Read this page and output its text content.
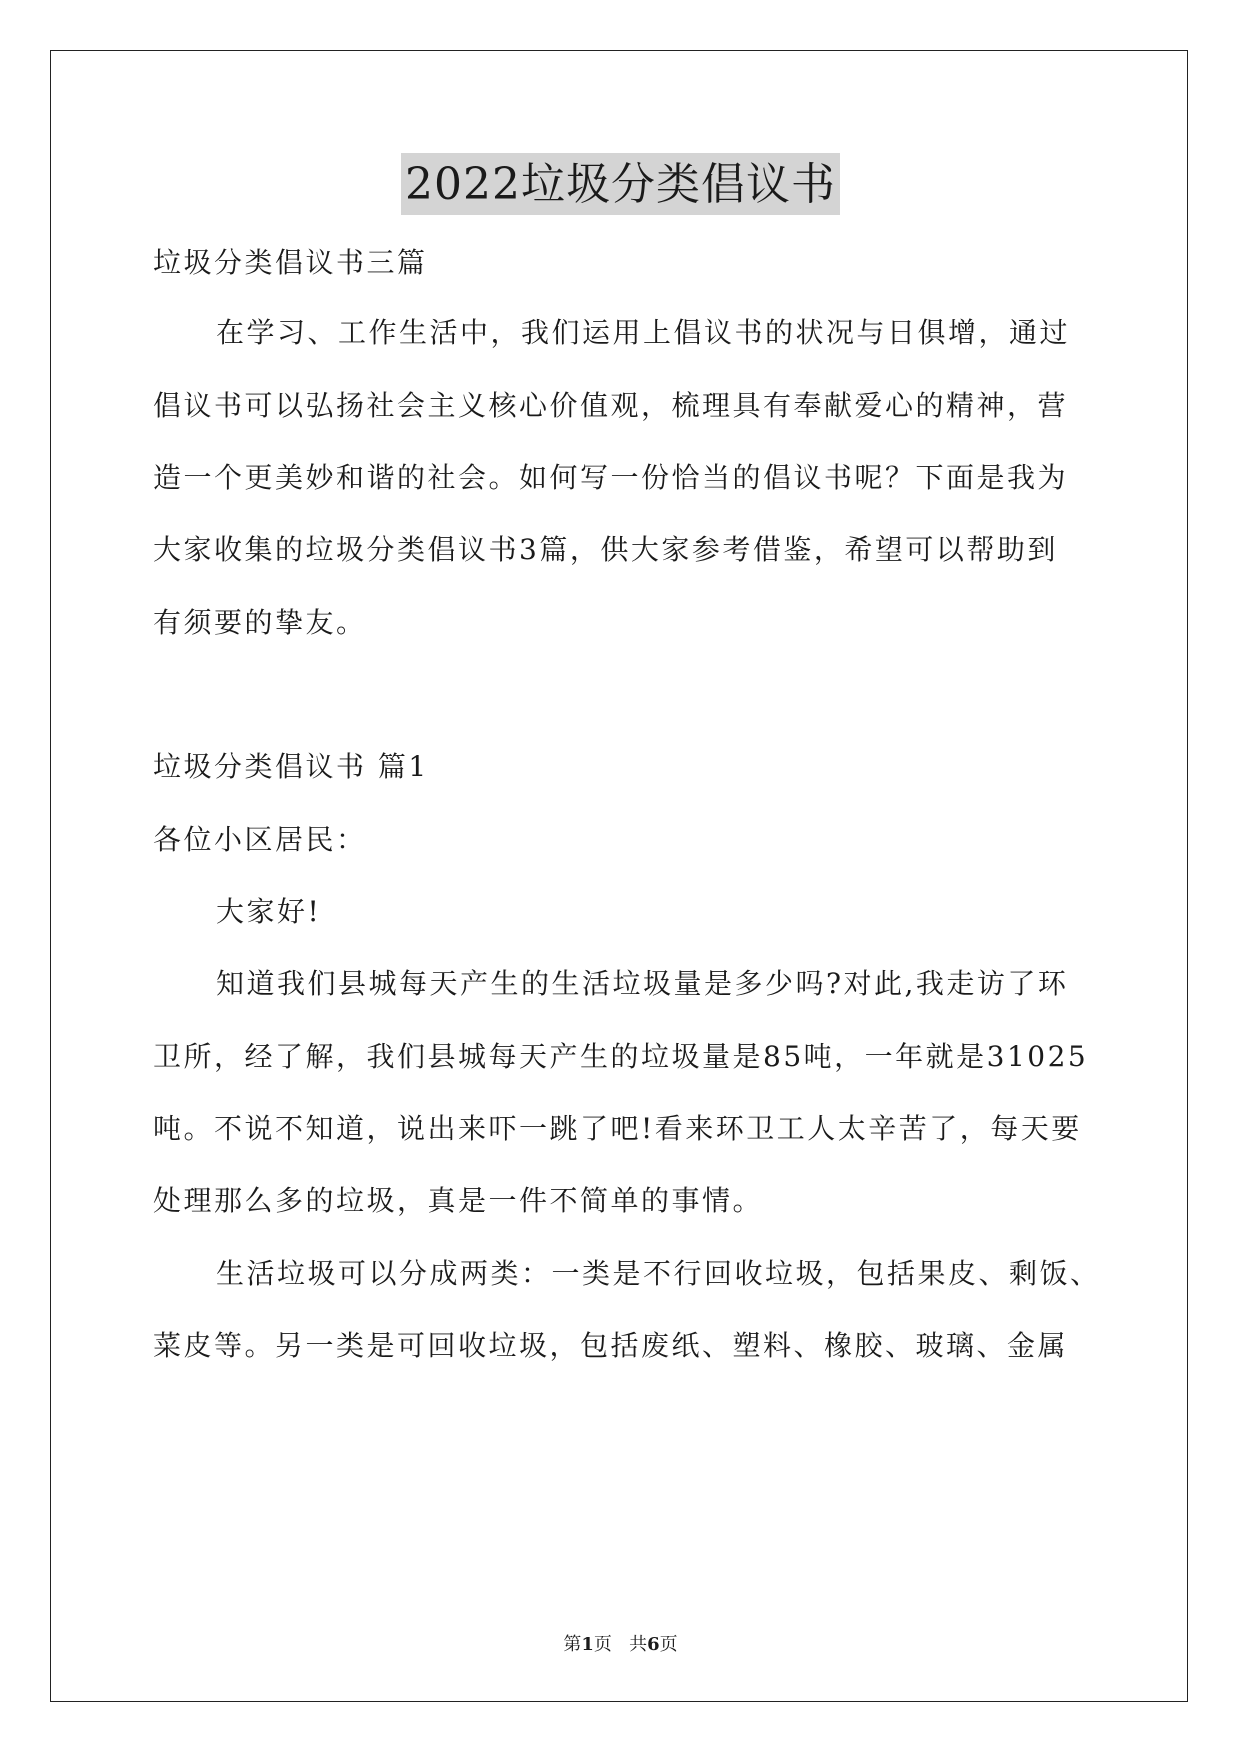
2022垃圾分类倡议书

垃圾分类倡议书三篇

在学习、工作生活中，我们运用上倡议书的状况与日俱增，通过

倡议书可以弘扬社会主义核心价值观，梳理具有奉献爱心的精神，营

造一个更美妙和谐的社会。如何写一份恰当的倡议书呢？下面是我为

大家收集的垃圾分类倡议书3篇，供大家参考借鉴，希望可以帮助到

有须要的挚友。

垃圾分类倡议书 篇1

各位小区居民：

大家好!

知道我们县城每天产生的生活垃圾量是多少吗?对此,我走访了环

卫所，经了解，我们县城每天产生的垃圾量是85吨，一年就是31025

吨。不说不知道，说出来吓一跳了吧!看来环卫工人太辛苦了，每天要

处理那么多的垃圾，真是一件不简单的事情。

生活垃圾可以分成两类：一类是不行回收垃圾，包括果皮、剩饭、

菜皮等。另一类是可回收垃圾，包括废纸、塑料、橡胶、玻璃、金属

第1页   共6页
